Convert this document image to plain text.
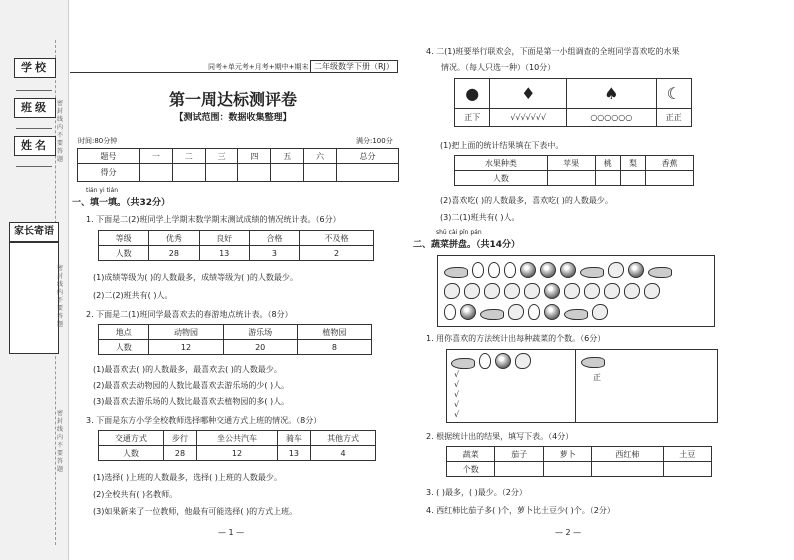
学校
班级
姓名
家长寄语
密封线内不要答题
密封线内不要答题
密封线内不要答题
同考+单元考+月考+期中+期末 二年级数学下册（RJ）
第一周达标测评卷
【测试范围：数据收集整理】
时间:80分钟	满分:100分
题号	一	二	三	四	五	六	总分
得分							
tián yi tián
一、填一填。（共32分）
1. 下面是二(2)班同学上学期末数学期末测试成绩的情况统计表。（6分）
等级	优秀	良好	合格	不及格
人数	28	13	3	2
(1)成绩等级为( )的人数最多，成绩等级为( )的人数最少。
(2)二(2)班共有( )人。
2. 下面是二(1)班同学最喜欢去的春游地点统计表。（8分）
地点	动物园	游乐场	植物园
人数	12	20	8
(1)最喜欢去( )的人数最多，最喜欢去( )的人数最少。
(2)最喜欢去动物园的人数比最喜欢去游乐场的少( )人。
(3)最喜欢去游乐场的人数比最喜欢去植物园的多( )人。
3. 下面是东方小学全校教师选择哪种交通方式上班的情况。（8分）
交通方式	步行	坐公共汽车	骑车	其他方式
人数	28	12	13	4
(1)选择( )上班的人数最多，选择( )上班的人数最少。
(2)全校共有( )名教师。
(3)如果新来了一位教师，他最有可能选择( )的方式上班。
— 1 —
4. 二(1)班要举行联欢会，下面是第一小组调查的全班同学喜欢吃的水果
情况。（每人只选一种）（10分）
●	♦	♠	☾
正下	√√√√√√√	○○○○○○	正正
(1)把上面的统计结果填在下表中。
水果种类	苹果	桃	梨	香蕉
人数				
(2)喜欢吃( )的人数最多，喜欢吃( )的人数最少。
(3)二(1)班共有( )人。
shū cài pīn pán
二、蔬菜拼盘。（共14分）
1. 用你喜欢的方法统计出每种蔬菜的个数。（6分）
√
√
√
√
√
正
2. 根据统计出的结果，填写下表。（4分）
蔬菜	茄子	萝卜	西红柿	土豆
个数				
3. ( )最多，( )最少。（2分）
4. 西红柿比茄子多( )个，萝卜比土豆少( )个。（2分）
— 2 —
